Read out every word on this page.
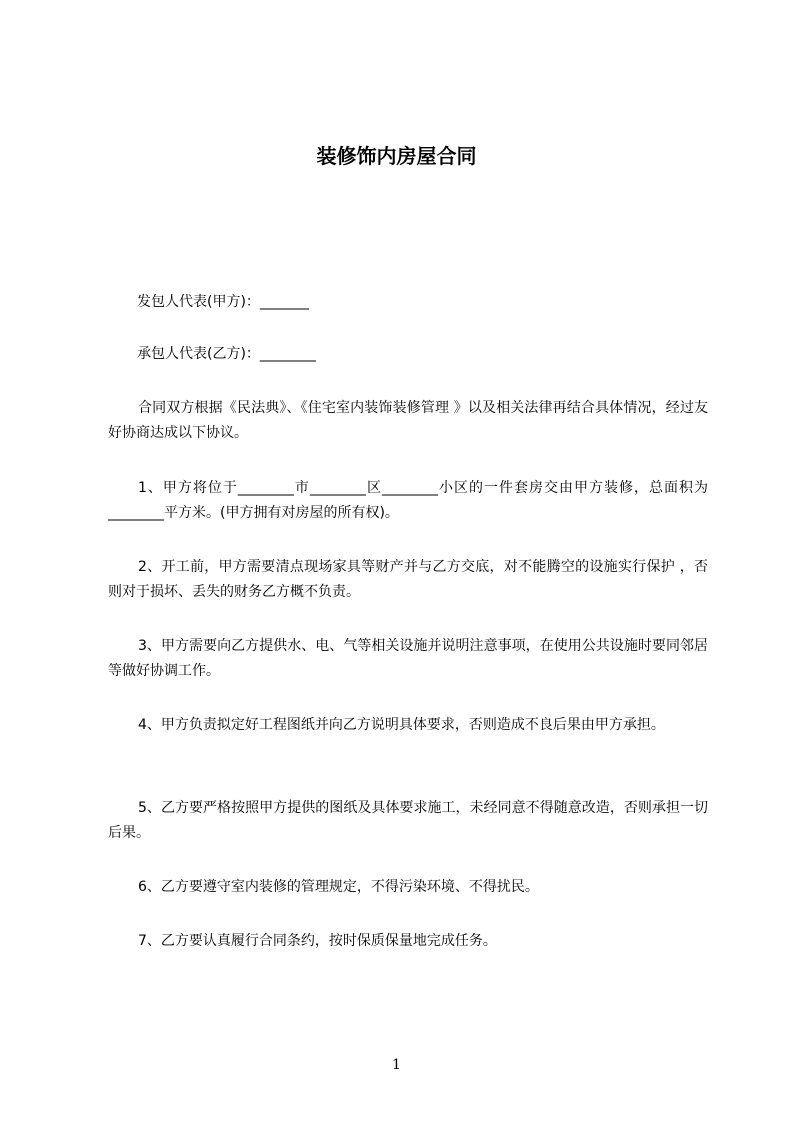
装修饰内房屋合同
发包人代表(甲方)：_______
承包人代表(乙方)：________
合同双方根据《民法典》、《住宅室内装饰装修管理 》以及相关法律再结合具体情况，经过友好协商达成以下协议。
1、甲方将位于________市________区________小区的一件套房交由甲方装修，总面积为________平方米。(甲方拥有对房屋的所有权)。
2、开工前，甲方需要清点现场家具等财产并与乙方交底，对不能腾空的设施实行保护 ，否则对于损坏、丢失的财务乙方概不负责。
3、甲方需要向乙方提供水、电、气等相关设施并说明注意事项，在使用公共设施时要同邻居等做好协调工作。
4、甲方负责拟定好工程图纸并向乙方说明具体要求，否则造成不良后果由甲方承担。
5、乙方要严格按照甲方提供的图纸及具体要求施工，未经同意不得随意改造，否则承担一切后果。
6、乙方要遵守室内装修的管理规定，不得污染环境、不得扰民。
7、乙方要认真履行合同条约，按时保质保量地完成任务。
1
